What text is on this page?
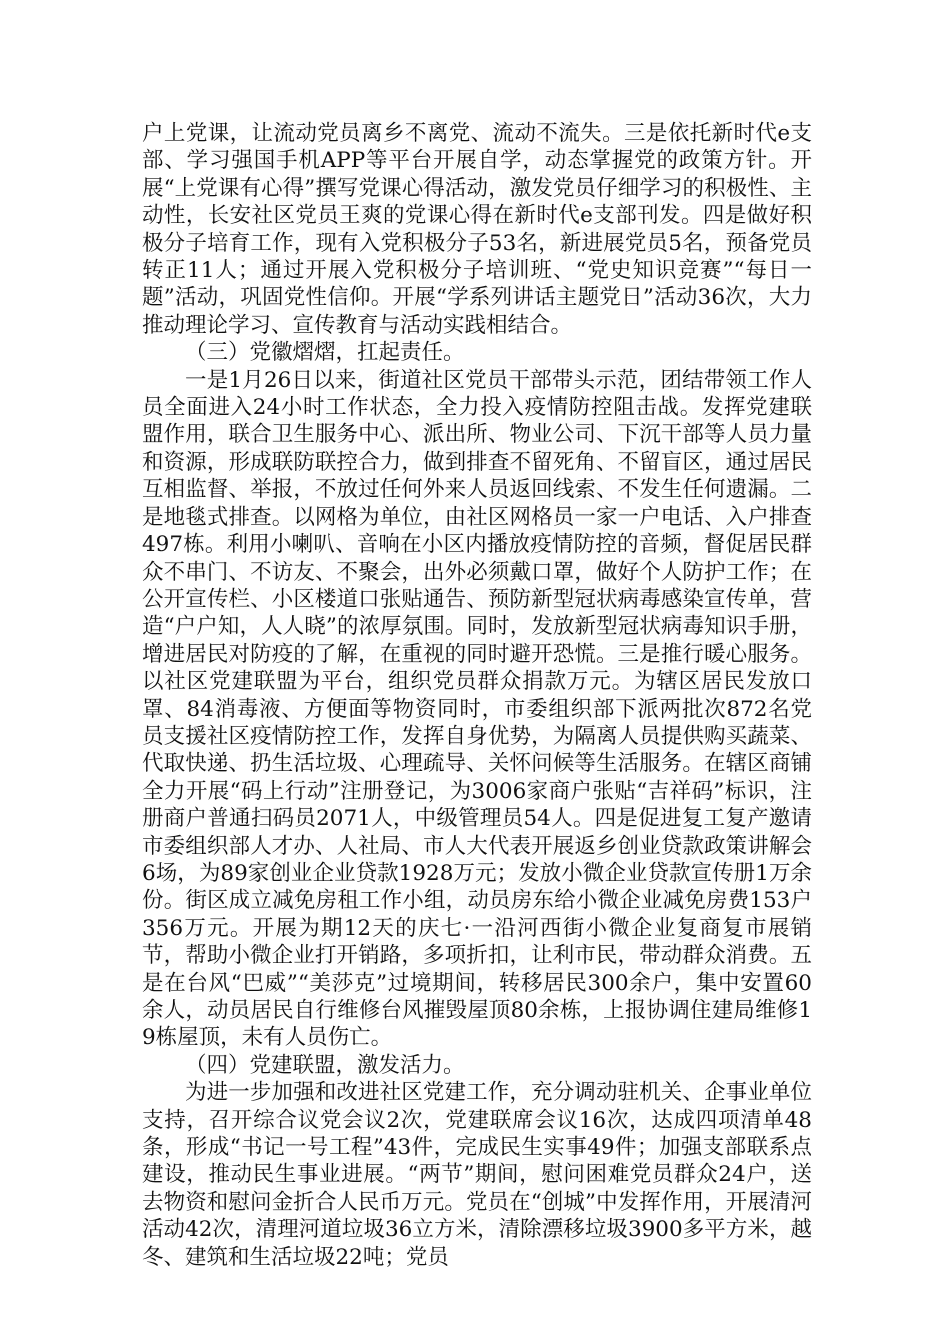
户上党课，让流动党员离乡不离党、流动不流失。三是依托新时代e支部、学习强国手机APP等平台开展自学，动态掌握党的政策方针。开展“上党课有心得”撰写党课心得活动，激发党员仔细学习的积极性、主动性，长安社区党员王爽的党课心得在新时代e支部刊发。四是做好积极分子培育工作，现有入党积极分子53名，新进展党员5名，预备党员转正11人；通过开展入党积极分子培训班、“党史知识竞赛”“每日一题”活动，巩固党性信仰。开展“学系列讲话主题党日”活动36次，大力推动理论学习、宣传教育与活动实践相结合。

（三）党徽熠熠，扛起责任。

一是1月26日以来，街道社区党员干部带头示范，团结带领工作人员全面进入24小时工作状态，全力投入疫情防控阻击战。发挥党建联盟作用，联合卫生服务中心、派出所、物业公司、下沉干部等人员力量和资源，形成联防联控合力，做到排查不留死角、不留盲区，通过居民互相监督、举报，不放过任何外来人员返回线索、不发生任何遗漏。二是地毯式排查。以网格为单位，由社区网格员一家一户电话、入户排查497栋。利用小喇叭、音响在小区内播放疫情防控的音频，督促居民群众不串门、不访友、不聚会，出外必须戴口罩，做好个人防护工作；在公开宣传栏、小区楼道口张贴通告、预防新型冠状病毒感染宣传单，营造“户户知，人人晓”的浓厚氛围。同时，发放新型冠状病毒知识手册，增进居民对防疫的了解，在重视的同时避开恐慌。三是推行暖心服务。以社区党建联盟为平台，组织党员群众捐款万元。为辖区居民发放口罩、84消毒液、方便面等物资同时，市委组织部下派两批次872名党员支援社区疫情防控工作，发挥自身优势，为隔离人员提供购买蔬菜、代取快递、扔生活垃圾、心理疏导、关怀问候等生活服务。在辖区商铺全力开展“码上行动”注册登记，为3006家商户张贴“吉祥码”标识，注册商户普通扫码员2071人，中级管理员54人。四是促进复工复产邀请市委组织部人才办、人社局、市人大代表开展返乡创业贷款政策讲解会6场，为89家创业企业贷款1928万元；发放小微企业贷款宣传册1万余份。街区成立减免房租工作小组，动员房东给小微企业减免房费153户356万元。开展为期12天的庆七·一沿河西街小微企业复商复市展销节，帮助小微企业打开销路，多项折扣，让利市民，带动群众消费。五是在台风“巴威”“美莎克”过境期间，转移居民300余户，集中安置60余人，动员居民自行维修台风摧毁屋顶80余栋，上报协调住建局维修19栋屋顶，未有人员伤亡。

（四）党建联盟，激发活力。

为进一步加强和改进社区党建工作，充分调动驻机关、企事业单位支持，召开综合议党会议2次，党建联席会议16次，达成四项清单48条，形成“书记一号工程”43件，完成民生实事49件；加强支部联系点建设，推动民生事业进展。“两节”期间，慰问困难党员群众24户，送去物资和慰问金折合人民币万元。党员在“创城”中发挥作用，开展清河活动42次，清理河道垃圾36立方米，清除漂移垃圾3900多平方米，越冬、建筑和生活垃圾22吨；党员
